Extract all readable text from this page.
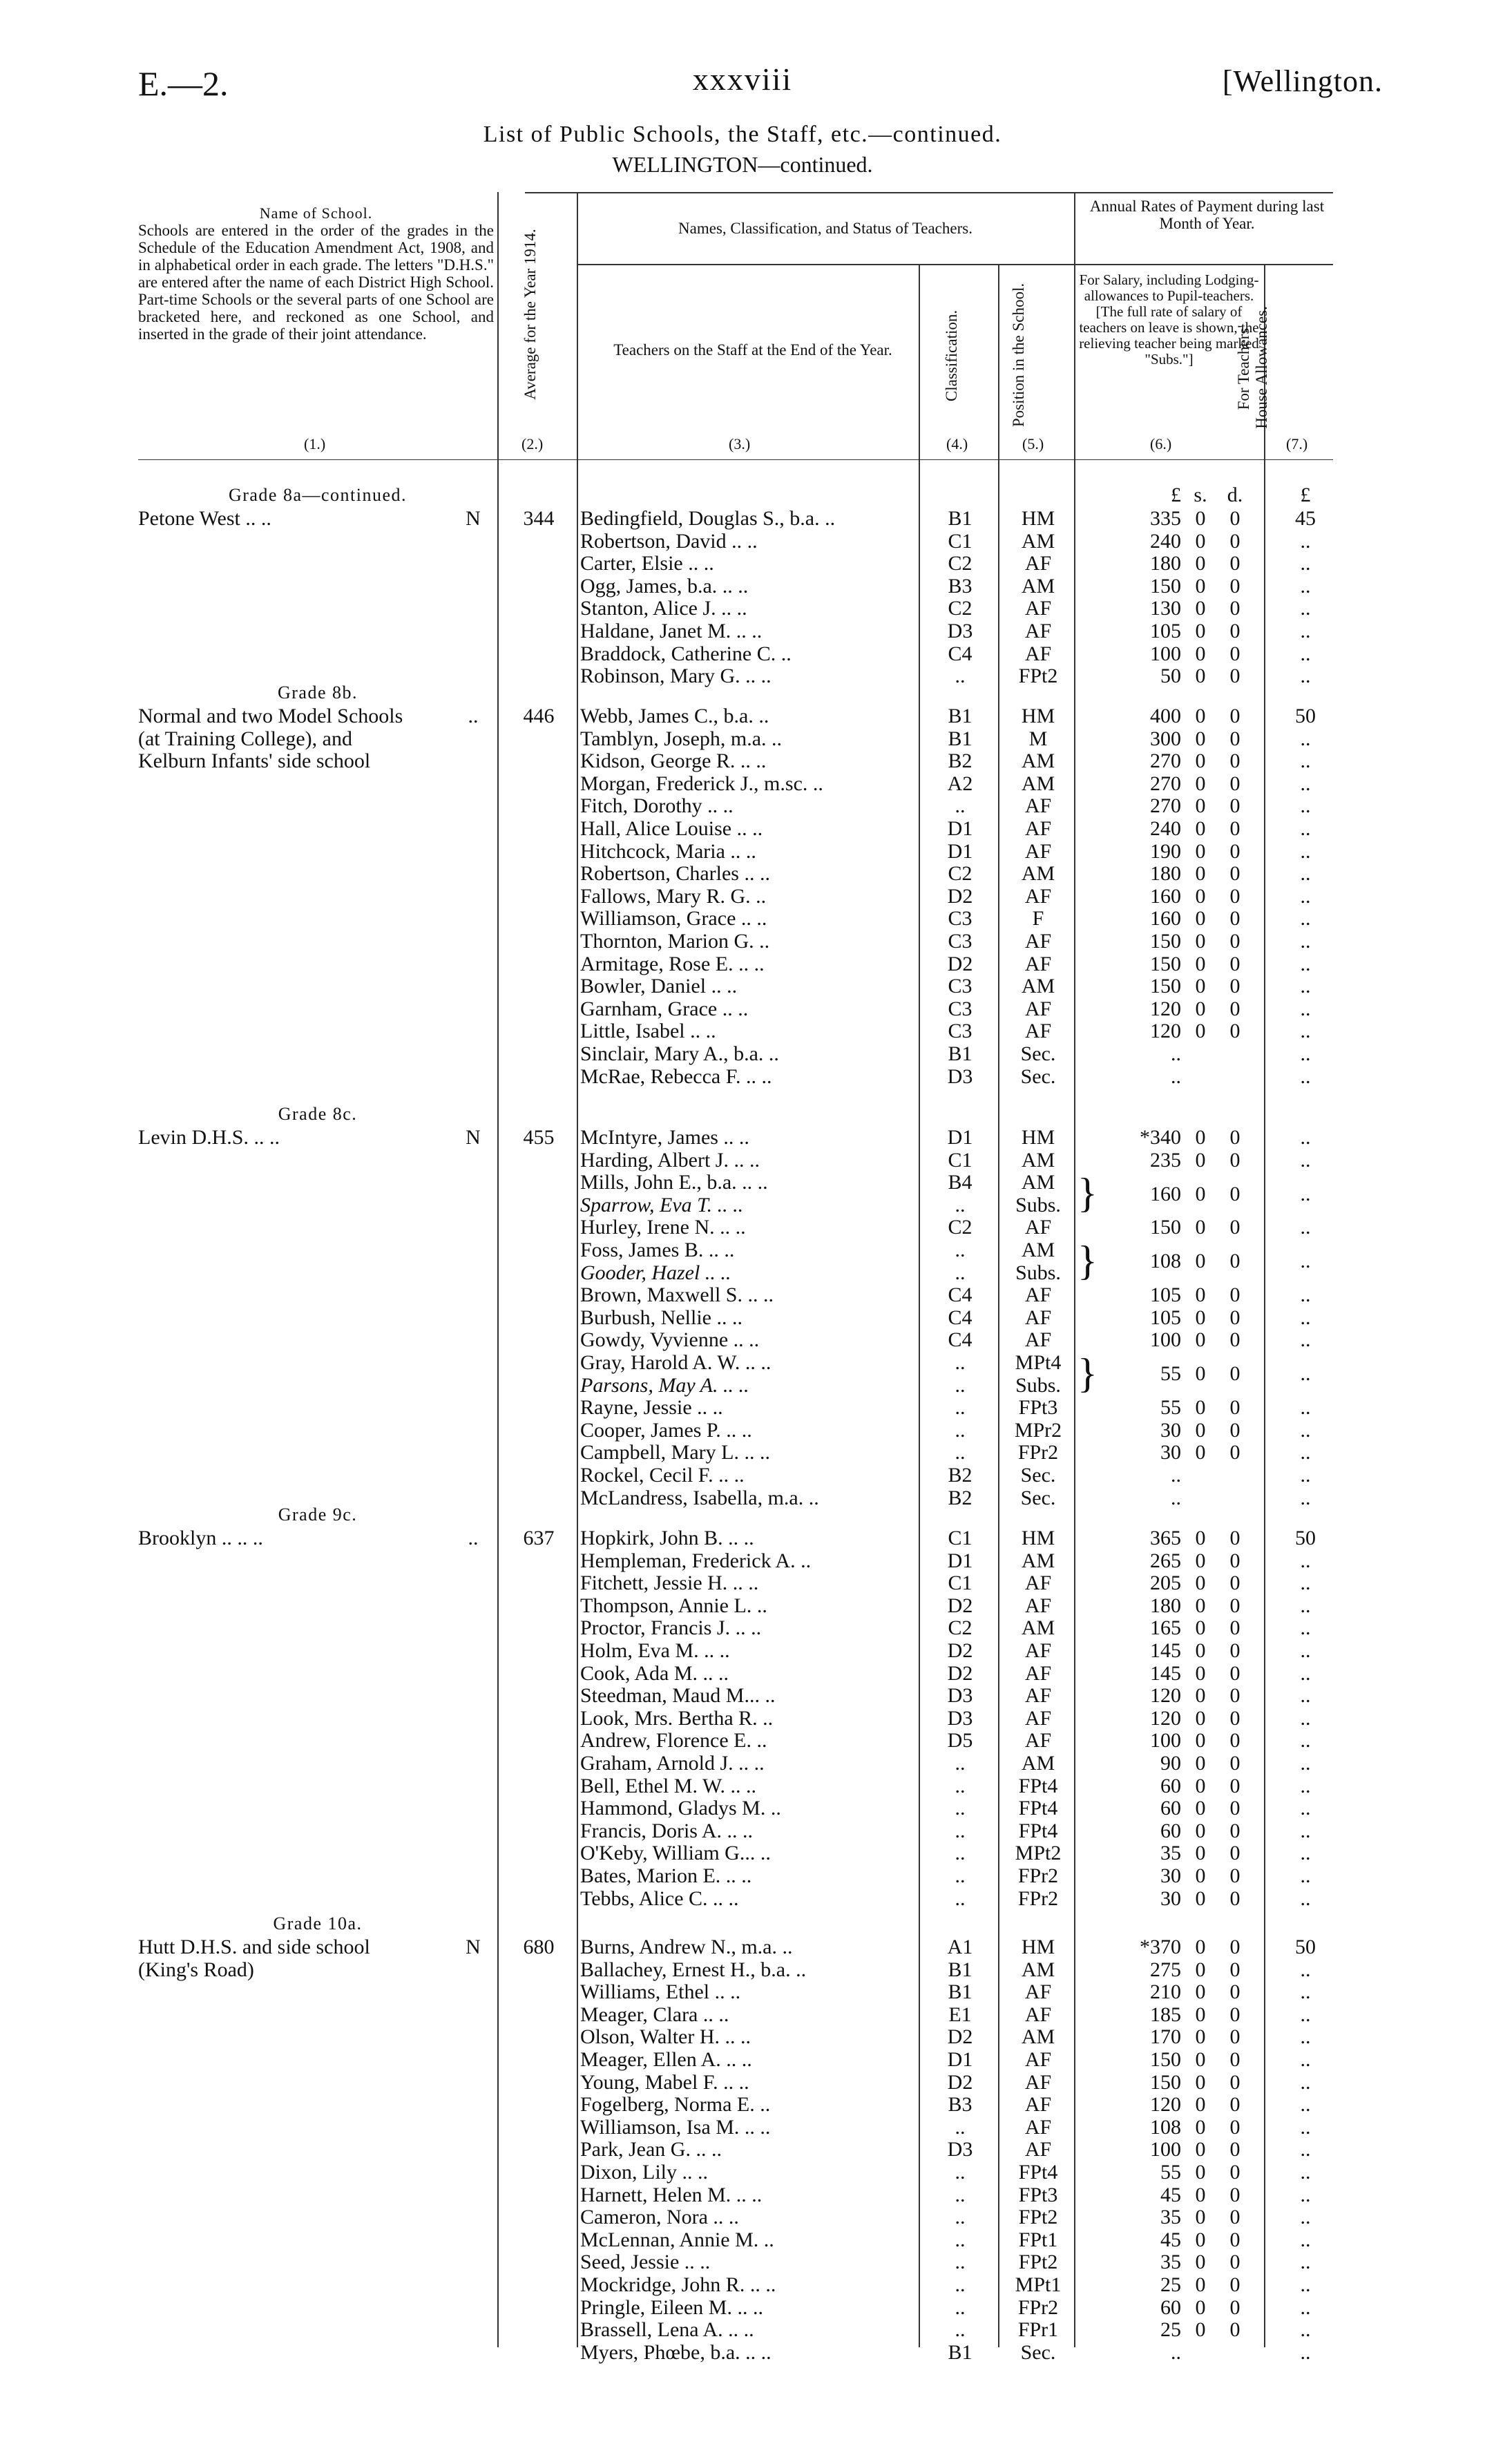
E.—2.	xxxviii	[Wellington.
List of Public Schools, the Staff, etc.—continued.
WELLINGTON—continued.
Name of School.
Schools are entered in the order of the grades in the Schedule of the Education Amendment Act, 1908, and in alphabetical order in each grade. The letters "D.H.S." are entered after the name of each District High School. Part-time Schools or the several parts of one School are bracketed here, and reckoned as one School, and inserted in the grade of their joint attendance.
(1.)
Average for the Year 1914.
(2.)
Names, Classification, and Status of Teachers.
Teachers on the Staff at the End of the Year.
(3.)
Classification.
(4.)
Position in the School.
(5.)
Annual Rates of Payment during last Month of Year.
For Salary, including Lodging-allowances to Pupil-teachers. [The full rate of salary of teachers on leave is shown, the relieving teacher being marked "Subs."]
(6.)
For Teachers' House Allowances.
(7.)
£ s. d.	£
Grade 8a—continued.
Petone West .. ..	N	344	Bedingfield, Douglas S., b.a. ..	B1	HM	335 0	0	45
Robertson, David .. ..	C1	AM	240 0	0	..
Carter, Elsie .. ..	C2	AF	180 0	0	..
Ogg, James, b.a. .. ..	B3	AM	150 0	0	..
Stanton, Alice J. .. ..	C2	AF	130 0	0	..
Haldane, Janet M. .. ..	D3	AF	105 0	0	..
Braddock, Catherine C. ..	C4	AF	100 0	0	..
Robinson, Mary G. .. ..	..	FPt2	50 0	0	..
Grade 8b.
Normal and two Model Schools
(at Training College), and
Kelburn Infants' side school
..	446	Webb, James C., b.a. ..	B1	HM	400 0	0	50
Tamblyn, Joseph, m.a. ..	B1	M	300 0	0	..
Kidson, George R. .. ..	B2	AM	270 0	0	..
Morgan, Frederick J., m.sc. ..	A2	AM	270 0	0	..
Fitch, Dorothy .. ..	..	AF	270 0	0	..
Hall, Alice Louise .. ..	D1	AF	240 0	0	..
Hitchcock, Maria .. ..	D1	AF	190 0	0	..
Robertson, Charles .. ..	C2	AM	180 0	0	..
Fallows, Mary R. G. ..	D2	AF	160 0	0	..
Williamson, Grace .. ..	C3	F	160 0	0	..
Thornton, Marion G. ..	C3	AF	150 0	0	..
Armitage, Rose E. .. ..	D2	AF	150 0	0	..
Bowler, Daniel .. ..	C3	AM	150 0	0	..
Garnham, Grace .. ..	C3	AF	120 0	0	..
Little, Isabel .. ..	C3	AF	120 0	0	..
Sinclair, Mary A., b.a. ..	B1	Sec.	..	..
McRae, Rebecca F. .. ..	D3	Sec.	..	..
Grade 8c.
Levin D.H.S. .. ..	N	455	McIntyre, James .. ..	D1	HM	*340 0	0	..
Harding, Albert J. .. ..	C1	AM	235 0	0	..
Mills, John E., b.a. .. ..	B4	AM }	160 0	0	..
Sparrow, Eva T. .. ..	..	Subs.
Hurley, Irene N. .. ..	C2	AF	150 0	0	..
Foss, James B. .. ..	..	AM }	108 0	0	..
Gooder, Hazel .. ..	..	Subs.
Brown, Maxwell S. .. ..	C4	AF	105 0	0	..
Burbush, Nellie .. ..	C4	AF	105 0	0	..
Gowdy, Vyvienne .. ..	C4	AF	100 0	0	..
Gray, Harold A. W. .. ..	..	MPt4 }	55 0	0	..
Parsons, May A. .. ..	..	Subs.
Rayne, Jessie .. ..	..	FPt3	55 0	0	..
Cooper, James P. .. ..	..	MPr2	30 0	0	..
Campbell, Mary L. .. ..	..	FPr2	30 0	0	..
Rockel, Cecil F. .. ..	B2	Sec.	..	..
McLandress, Isabella, m.a. ..	B2	Sec.	..	..
Grade 9c.
Brooklyn .. .. ..	..	637	Hopkirk, John B. .. ..	C1	HM	365 0	0	50
Hempleman, Frederick A. ..	D1	AM	265 0	0	..
Fitchett, Jessie H. .. ..	C1	AF	205 0	0	..
Thompson, Annie L. ..	D2	AF	180 0	0	..
Proctor, Francis J. .. ..	C2	AM	165 0	0	..
Holm, Eva M. .. ..	D2	AF	145 0	0	..
Cook, Ada M. .. ..	D2	AF	145 0	0	..
Steedman, Maud M... ..	D3	AF	120 0	0	..
Look, Mrs. Bertha R. ..	D3	AF	120 0	0	..
Andrew, Florence E. ..	D5	AF	100 0	0	..
Graham, Arnold J. .. ..	..	AM	90 0	0	..
Bell, Ethel M. W. .. ..	..	FPt4	60 0	0	..
Hammond, Gladys M. ..	..	FPt4	60 0	0	..
Francis, Doris A. .. ..	..	FPt4	60 0	0	..
O'Keby, William G... ..	..	MPt2	35 0	0	..
Bates, Marion E. .. ..	..	FPr2	30 0	0	..
Tebbs, Alice C. .. ..	..	FPr2	30 0	0	..
Grade 10a.
Hutt D.H.S. and side school
(King's Road)
N	680	Burns, Andrew N., m.a. ..	A1	HM	*370 0	0	50
Ballachey, Ernest H., b.a. ..	B1	AM	275 0	0	..
Williams, Ethel .. ..	B1	AF	210 0	0	..
Meager, Clara .. ..	E1	AF	185 0	0	..
Olson, Walter H. .. ..	D2	AM	170 0	0	..
Meager, Ellen A. .. ..	D1	AF	150 0	0	..
Young, Mabel F. .. ..	D2	AF	150 0	0	..
Fogelberg, Norma E. ..	B3	AF	120 0	0	..
Williamson, Isa M. .. ..	..	AF	108 0	0	..
Park, Jean G. .. ..	D3	AF	100 0	0	..
Dixon, Lily .. ..	..	FPt4	55 0	0	..
Harnett, Helen M. .. ..	..	FPt3	45 0	0	..
Cameron, Nora .. ..	..	FPt2	35 0	0	..
McLennan, Annie M. ..	..	FPt1	45 0	0	..
Seed, Jessie .. ..	..	FPt2	35 0	0	..
Mockridge, John R. .. ..	..	MPt1	25 0	0	..
Pringle, Eileen M. .. ..	..	FPr2	60 0	0	..
Brassell, Lena A. .. ..	..	FPr1	25 0	0	..
Myers, Phœbe, b.a. .. ..	B1	Sec.	..	..
